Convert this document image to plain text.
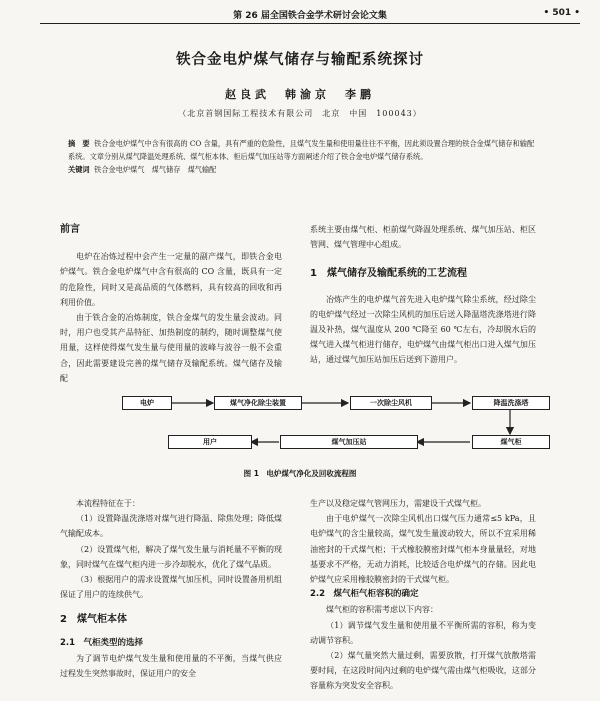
第 26 届全国铁合金学术研讨会论文集	• 501 •
铁合金电炉煤气储存与输配系统探讨
赵良武　韩渝京　李鹏
（北京首钢国际工程技术有限公司　北京　中国　100043）
摘　要 铁合金电炉煤气中含有很高的 CO 含量，具有严重的危险性，且煤气发生量和使用量往往不平衡，因此须设置合理的铁合金煤气储存和输配系统。文章分别从煤气降温处理系统、煤气柜本体、柜后煤气加压站等方面阐述介绍了铁合金电炉煤气储存系统。
关键词 铁合金电炉煤气　煤气储存　煤气输配
前言

电炉在冶炼过程中会产生一定量的副产煤气，即铁合金电炉煤气。铁合金电炉煤气中含有很高的 CO 含量，既具有一定的危险性，同时又是高品质的气体燃料，具有较高的回收和再利用价值。

由于铁合金的冶炼制度，铁合金煤气的发生量会波动。同时，用户也受其产品特征、加热制度的制约，随时调整煤气使用量，这样使得煤气发生量与使用量的波峰与波谷一般不会重合，因此需要建设完善的煤气储存及输配系统。煤气储存及输配

系统主要由煤气柜、柜前煤气降温处理系统、煤气加压站、柜区管网、煤气管理中心组成。

1　煤气储存及输配系统的工艺流程

冶炼产生的电炉煤气首先进入电炉煤气除尘系统，经过除尘的电炉煤气经过一次除尘风机的加压后送入降温塔洗涤塔进行降温及补热，煤气温度从 200 ℃降至 60 ℃左右，冷却脱水后的煤气进入煤气柜进行储存，电炉煤气由煤气柜出口进入煤气加压站，通过煤气加压站加压后送到下游用户。

电炉	煤气净化除尘装置	一次除尘风机	降温洗涤塔
煤气柜
煤气加压站
用户
图 1　电炉煤气净化及回收流程图

本流程特征在于：

（1）设置降温洗涤塔对煤气进行降温、除焦处理；降低煤气输配成本。

（2）设置煤气柜，解决了煤气发生量与消耗量不平衡的现象，同时煤气在煤气柜内进一步冷却脱水，优化了煤气品质。

（3）根据用户的需求设置煤气加压机，同时设置备用机组保证了用户的连续供气。

2　煤气柜本体
2.1　气柜类型的选择

为了调节电炉煤气发生量和使用量的不平衡，当煤气供应过程发生突然事故时，保证用户的安全

生产以及稳定煤气管网压力，需建设干式煤气柜。

由于电炉煤气一次除尘风机出口煤气压力通常≤5 kPa，且电炉煤气的含尘量较高，煤气发生量波动较大，所以不宜采用稀油密封的干式煤气柜；干式橡胶膜密封煤气柜本身量量轻，对地基要求不严格，无动力消耗，比较适合电炉煤气的存储。因此电炉煤气应采用橡胶膜密封的干式煤气柜。

2.2　煤气柜气柜容积的确定

煤气柜的容积需考虑以下内容：

（1）调节煤气发生量和使用量不平衡所需的容积，称为变动调节容积。

（2）煤气量突然大量过剩，需要放散，打开煤气放散塔需要时间，在这段时间内过剩的电炉煤气需由煤气柜吸收，这部分容量称为突发安全容积。
